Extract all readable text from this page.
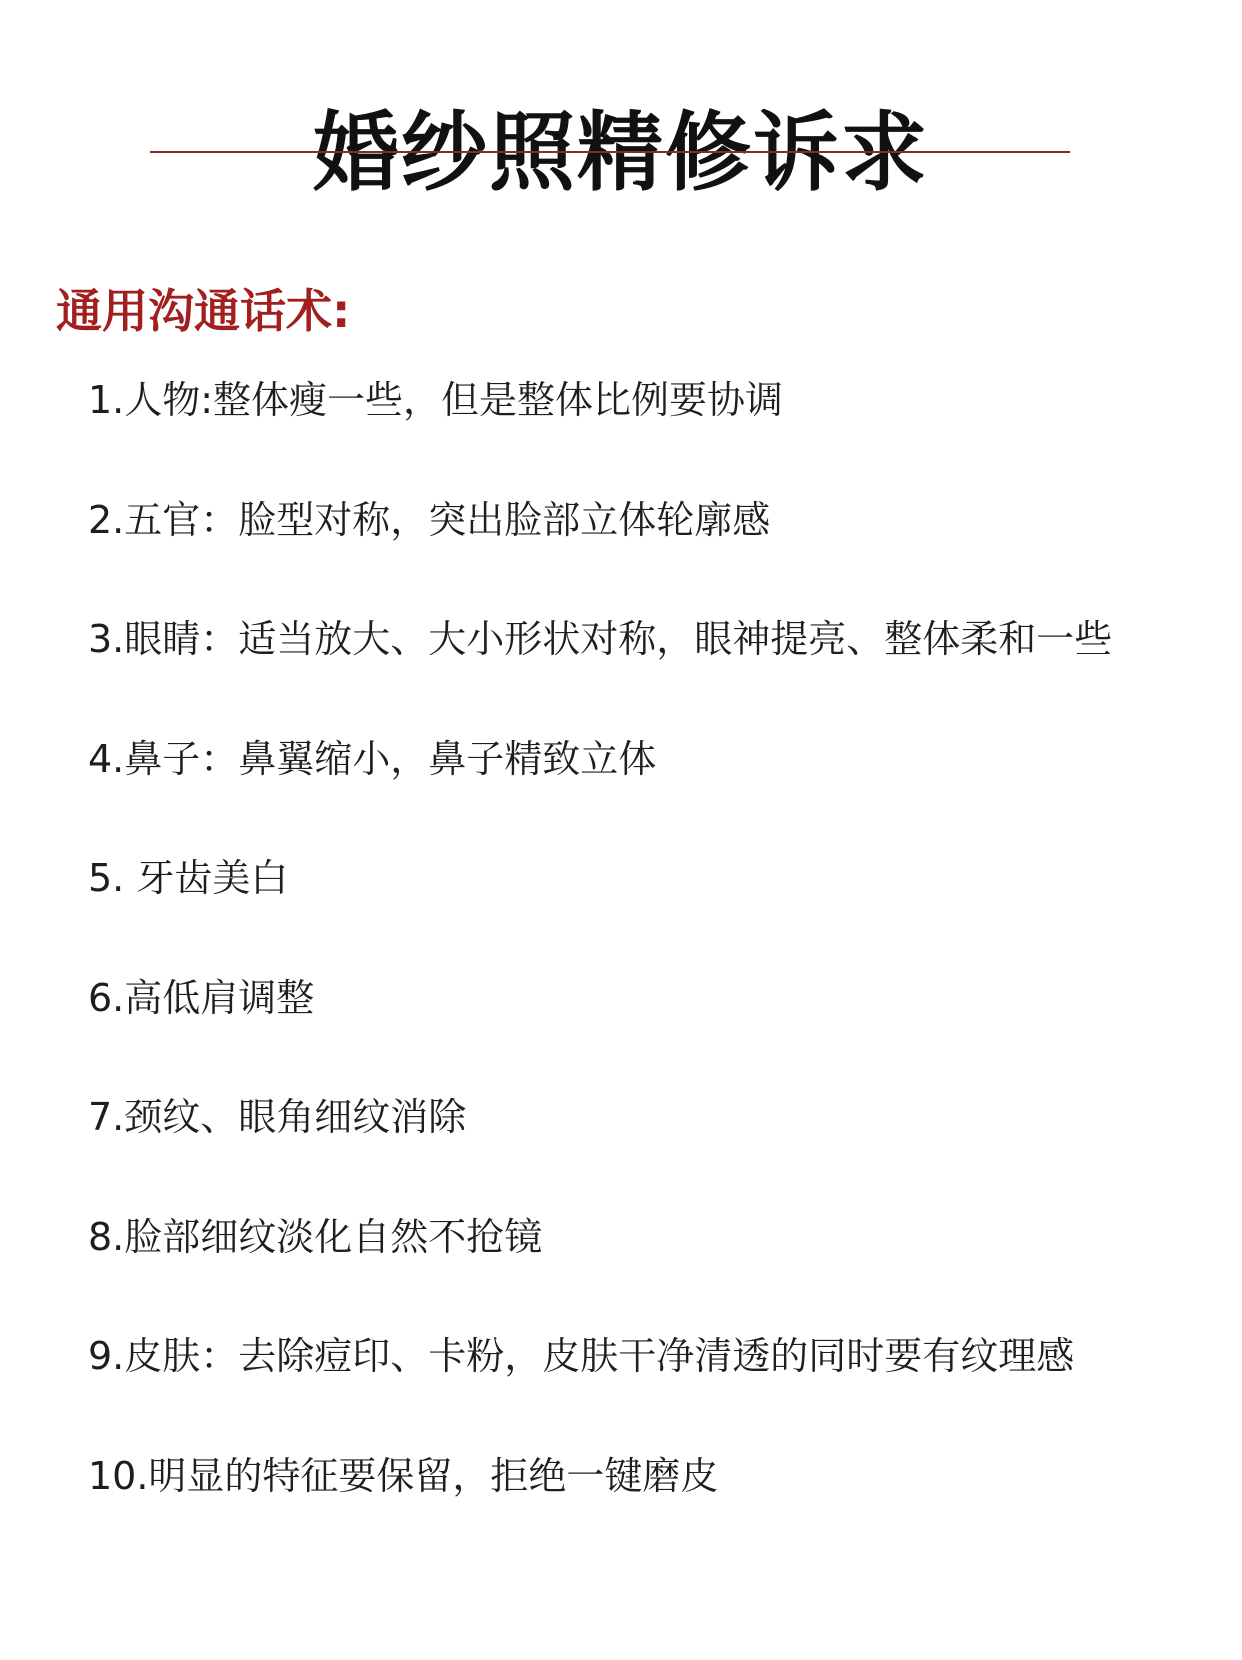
婚纱照精修诉求
通用沟通话术:
1.人物:整体瘦一些，但是整体比例要协调
2.五官：脸型对称，突出脸部立体轮廓感
3.眼睛：适当放大、大小形状对称，眼神提亮、整体柔和一些
4.鼻子：鼻翼缩小，鼻子精致立体
5. 牙齿美白
6.高低肩调整
7.颈纹、眼角细纹消除
8.脸部细纹淡化自然不抢镜
9.皮肤：去除痘印、卡粉，皮肤干净清透的同时要有纹理感
10.明显的特征要保留，拒绝一键磨皮
